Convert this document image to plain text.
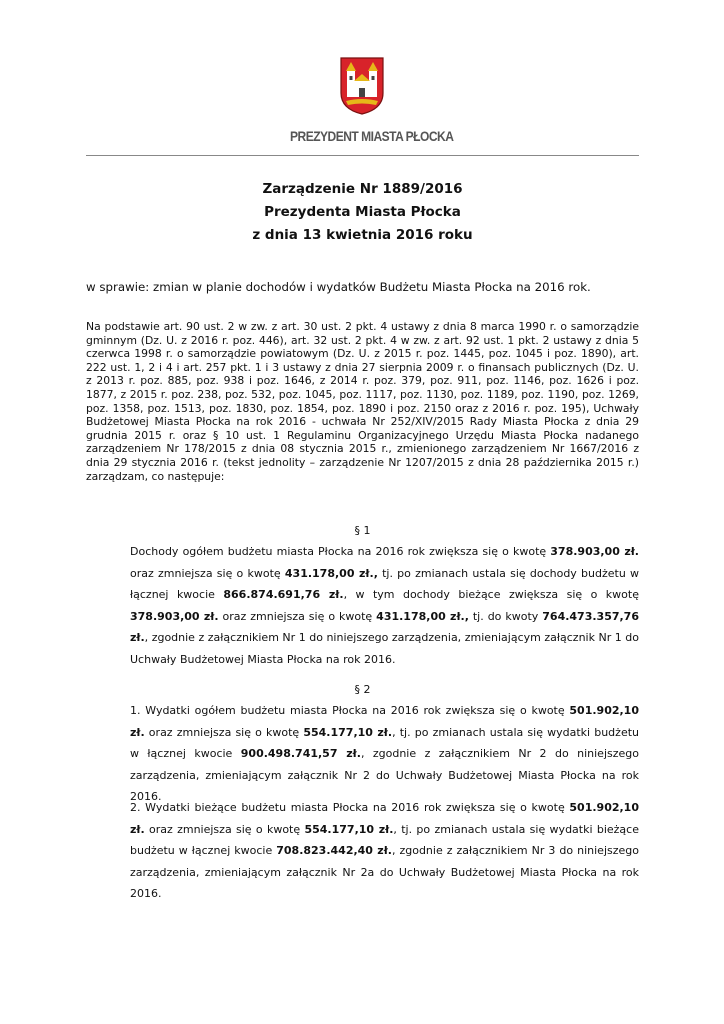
PREZYDENT MIASTA PŁOCKA
Zarządzenie Nr 1889/2016
Prezydenta Miasta Płocka
z dnia 13 kwietnia 2016 roku
w sprawie: zmian w planie dochodów i wydatków Budżetu Miasta Płocka na 2016 rok.
Na podstawie art. 90 ust. 2 w zw. z art. 30 ust. 2 pkt. 4 ustawy z dnia 8 marca 1990 r. o samorządzie gminnym (Dz. U. z 2016 r. poz. 446), art. 32 ust. 2 pkt. 4 w zw. z art. 92 ust. 1 pkt. 2 ustawy z dnia 5 czerwca 1998 r. o samorządzie powiatowym (Dz. U. z 2015 r. poz. 1445, poz. 1045 i poz. 1890), art. 222 ust. 1, 2 i 4 i art. 257 pkt. 1 i 3 ustawy z dnia 27 sierpnia 2009 r. o finansach publicznych (Dz. U. z 2013 r. poz. 885, poz. 938 i poz. 1646, z 2014 r. poz. 379, poz. 911, poz. 1146, poz. 1626 i poz. 1877, z 2015 r. poz. 238, poz. 532, poz. 1045, poz. 1117, poz. 1130, poz. 1189, poz. 1190, poz. 1269, poz. 1358, poz. 1513, poz. 1830, poz. 1854, poz. 1890 i poz. 2150 oraz z 2016 r. poz. 195), Uchwały Budżetowej Miasta Płocka na rok 2016 - uchwała Nr 252/XIV/2015 Rady Miasta Płocka z dnia 29 grudnia 2015 r. oraz § 10 ust. 1 Regulaminu Organizacyjnego Urzędu Miasta Płocka nadanego zarządzeniem Nr 178/2015 z dnia 08 stycznia 2015 r., zmienionego zarządzeniem Nr 1667/2016 z dnia 29 stycznia 2016 r. (tekst jednolity – zarządzenie Nr 1207/2015 z dnia 28 października 2015 r.) zarządzam, co następuje:
§ 1
Dochody ogółem budżetu miasta Płocka na 2016 rok zwiększa się o kwotę 378.903,00 zł. oraz zmniejsza się o kwotę 431.178,00 zł., tj. po zmianach ustala się dochody budżetu w łącznej kwocie 866.874.691,76 zł., w tym dochody bieżące zwiększa się o kwotę 378.903,00 zł. oraz zmniejsza się o kwotę 431.178,00 zł., tj. do kwoty 764.473.357,76 zł., zgodnie z załącznikiem Nr 1 do niniejszego zarządzenia, zmieniającym załącznik Nr 1 do Uchwały Budżetowej Miasta Płocka na rok 2016.
§ 2
1. Wydatki ogółem budżetu miasta Płocka na 2016 rok zwiększa się o kwotę 501.902,10 zł. oraz zmniejsza się o kwotę 554.177,10 zł., tj. po zmianach ustala się wydatki budżetu w łącznej kwocie 900.498.741,57 zł., zgodnie z załącznikiem Nr 2 do niniejszego zarządzenia, zmieniającym załącznik Nr 2 do Uchwały Budżetowej Miasta Płocka na rok 2016.
2. Wydatki bieżące budżetu miasta Płocka na 2016 rok zwiększa się o kwotę 501.902,10 zł. oraz zmniejsza się o kwotę 554.177,10 zł., tj. po zmianach ustala się wydatki bieżące budżetu w łącznej kwocie 708.823.442,40 zł., zgodnie z załącznikiem Nr 3 do niniejszego zarządzenia, zmieniającym załącznik Nr 2a do Uchwały Budżetowej Miasta Płocka na rok 2016.
